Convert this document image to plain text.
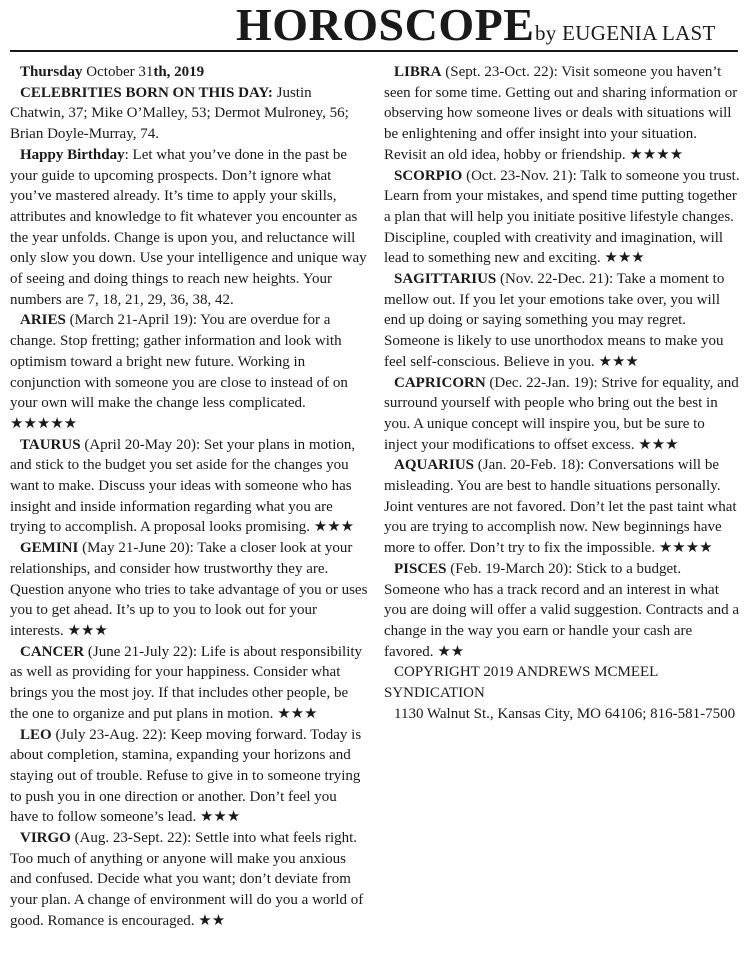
HOROSCOPE by EUGENIA LAST

Thursday October 31th, 2019

CELEBRITIES BORN ON THIS DAY: Justin Chatwin, 37; Mike O’Malley, 53; Dermot Mulroney, 56; Brian Doyle-Murray, 74.

Happy Birthday: Let what you’ve done in the past be your guide to upcoming prospects. Don’t ignore what you’ve mastered already. It’s time to apply your skills, attributes and knowledge to fit whatever you encounter as the year unfolds. Change is upon you, and reluctance will only slow you down. Use your intelligence and unique way of seeing and doing things to reach new heights. Your numbers are 7, 18, 21, 29, 36, 38, 42.

ARIES (March 21-April 19): You are overdue for a change. Stop fretting; gather information and look with optimism toward a bright new future. Working in conjunction with someone you are close to instead of on your own will make the change less complicated. ★★★★★

TAURUS (April 20-May 20): Set your plans in motion, and stick to the budget you set aside for the changes you want to make. Discuss your ideas with someone who has insight and inside information regarding what you are trying to accomplish. A proposal looks promising. ★★★

GEMINI (May 21-June 20): Take a closer look at your relationships, and consider how trustworthy they are. Question anyone who tries to take advantage of you or uses you to get ahead. It’s up to you to look out for your interests. ★★★

CANCER (June 21-July 22): Life is about responsibility as well as providing for your happiness. Consider what brings you the most joy. If that includes other people, be the one to organize and put plans in motion. ★★★

LEO (July 23-Aug. 22): Keep moving forward. Today is about completion, stamina, expanding your horizons and staying out of trouble. Refuse to give in to someone trying to push you in one direction or another. Don’t feel you have to follow someone’s lead. ★★★

VIRGO (Aug. 23-Sept. 22): Settle into what feels right. Too much of anything or anyone will make you anxious and confused. Decide what you want; don’t deviate from your plan. A change of environment will do you a world of good. Romance is encouraged. ★★

LIBRA (Sept. 23-Oct. 22): Visit someone you haven’t seen for some time. Getting out and sharing information or observing how someone lives or deals with situations will be enlightening and offer insight into your situation. Revisit an old idea, hobby or friendship. ★★★★

SCORPIO (Oct. 23-Nov. 21): Talk to someone you trust. Learn from your mistakes, and spend time putting together a plan that will help you initiate positive lifestyle changes. Discipline, coupled with creativity and imagination, will lead to something new and exciting. ★★★

SAGITTARIUS (Nov. 22-Dec. 21): Take a moment to mellow out. If you let your emotions take over, you will end up doing or saying something you may regret. Someone is likely to use unorthodox means to make you feel self-conscious. Believe in you. ★★★

CAPRICORN (Dec. 22-Jan. 19): Strive for equality, and surround yourself with people who bring out the best in you. A unique concept will inspire you, but be sure to inject your modifications to offset excess. ★★★

AQUARIUS (Jan. 20-Feb. 18): Conversations will be misleading. You are best to handle situations personally. Joint ventures are not favored. Don’t let the past taint what you are trying to accomplish now. New beginnings have more to offer. Don’t try to fix the impossible. ★★★★

PISCES (Feb. 19-March 20): Stick to a budget. Someone who has a track record and an interest in what you are doing will offer a valid suggestion. Contracts and a change in the way you earn or handle your cash are favored. ★★

COPYRIGHT 2019 ANDREWS MCMEEL SYNDICATION

1130 Walnut St., Kansas City, MO 64106; 816-581-7500
